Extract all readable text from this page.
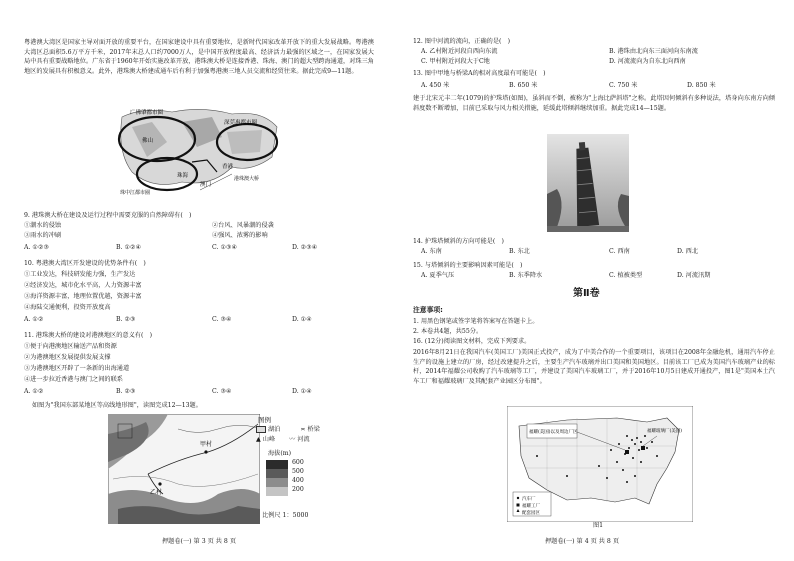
粤港澳大湾区是国家主导对面开放的重要平台，在国家建设中具有重要地位，是新时代国家改革开放下的重大发展战略。粤港澳大湾区总面积5.6万平方千米，2017年末总人口约7000万人，是中国开放程度最高、经济活力最强的区域之一，在国家发展大局中具有重要战略地位。广东省于1960年开始实施改革开放，港珠澳大桥是连接香港、珠海、澳门的超大型跨海通道，对珠三角地区的发展具有积极意义。此外，港珠澳大桥建成通车后有利于加强粤港澳三地人员交流和经贸往来。据此完成9—11题。
广佛肇都市圈
佛山
深莞惠都市圈
珠海
澳门
香港
港珠澳大桥
珠中江都市圈
9. 港珠澳大桥在建设及运行过程中需要克服的自然障碍有(　)
①潮水的侵蚀	②台风、风暴潮的侵袭
③雨水的冲刷	④强风、浓雾的影响
A. ①②③	B. ①②④	C. ①③④	D. ②③④
10. 粤港澳大湾区开发建设的优势条件有(　)
①工业发达，科技研发能力强，生产发达
②经济发达，城市化水平高，人力资源丰富
③海洋资源丰富，地理位置优越，资源丰富
④海陆交通便利，投资开放度高
A. ①②	B. ②③	C. ③④	D. ①④
11. 港珠澳大桥的建设对港澳地区的意义有(　)
①便于向港澳地区输送产品和资源
②为港澳地区发展提供发展支撑
③为港澳地区开辟了一条新的出海通道
④进一步拉近香港与澳门之间的联系
A. ①②	B. ②③	C. ③④	D. ①④
如图为"我国东部某地区等高线地形图"，读图完成12—13题。
甲村
乙村
图例
湖泊	≍ 桥梁
▲ 山峰 〰 河流
海拔(m)
600
500
400
200
比例尺 1：5000
押题卷(一) 第 3 页 共 8 页
12. 图中河流的流向，正确的是(　)
A. 乙村附近河段自西向东流	B. 港珠由北向东三面河向东南流
C. 甲村附近河段大于C地	D. 河流流向为自东北向西南
13. 图中甲地与桥梁A的相对高度最有可能是(　)
A. 450 米	B. 650 米	C. 750 米	D. 850 米
建于北宋元丰二年(1079)的护珠塔(如图)，虽斜而不倒，被称为"上海比萨斜塔"之称。此塔因何倾斜有多种说法，塔身向东南方向倾斜度数不断增加，目前已采取与风力相关措施，延缓此塔倾斜继续加重。据此完成14—15题。
14. 护珠塔倾斜的方向可能是(　)
A. 东南	B. 东北	C. 西南	D. 西北
15. 与塔倾斜的主要影响因素可能是(　)
A. 夏季气压	B. 东季降水	C. 植被类型	D. 河流汛期
第Ⅱ卷
注意事项:
1. 用黑色钢笔或签字笔将答案写在答题卡上。
2. 本卷共4题，共55分。
16. (12分)阅读图文材料，完成下列要求。
2016年8月21日在我国汽车(美国工厂)美国正式投产，成为了中美合作的一个重要项目，该项目在2008年金融危机，通用汽车停止生产的设施上建立的厂房，经过改建提升之后，主要生产汽车玻璃并出口美国和美国地区。目前该工厂已成为美国汽车玻璃产业的标杆，2014年福耀公司收购了汽车玻璃等工厂，并建设了美国汽车玻璃工厂，并于2016年10月5日建成开通投产，图1是"美国本土汽车工厂和福耀玻璃厂及其配套产业园区分布图"。
福耀(美国)以及周边厂区	福耀玻璃厂(美国)
汽车厂
福耀工厂
配套园区
图1
押题卷(一) 第 4 页 共 8 页
